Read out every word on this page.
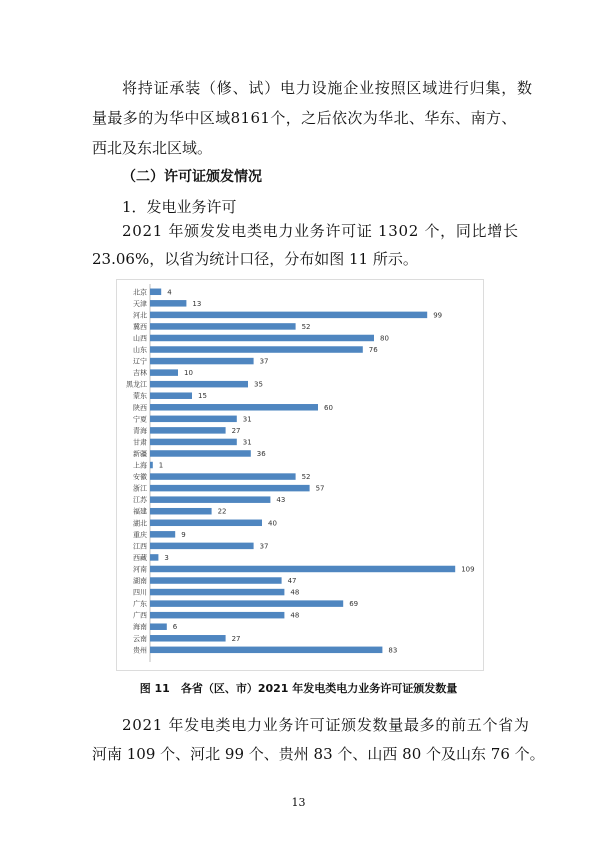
将持证承装（修、试）电力设施企业按照区域进行归集，数
量最多的为华中区域8161个，之后依次为华北、华东、南方、
西北及东北区域。
（二）许可证颁发情况
1．发电业务许可
2021 年颁发发电类电力业务许可证 1302 个，同比增长
23.06%，以省为统计口径，分布如图 11 所示。
北京	4
天津	13
河北	99
冀西	52
山西	80
山东	76
辽宁	37
吉林	10
黑龙江	35
蒙东	15
陕西	60
宁夏	31
青海	27
甘肃	31
新疆	36
上海 1
安徽	52
浙江	57
江苏	43
福建	22
湖北	40
重庆	9
江西	37
西藏 3
河南	109
湖南	47
四川	48
广东	69
广西	48
海南	6
云南	27
贵州	83
图 11　各省（区、市）2021 年发电类电力业务许可证颁发数量
2021 年发电类电力业务许可证颁发数量最多的前五个省为
河南 109 个、河北 99 个、贵州 83 个、山西 80 个及山东 76 个。
13
